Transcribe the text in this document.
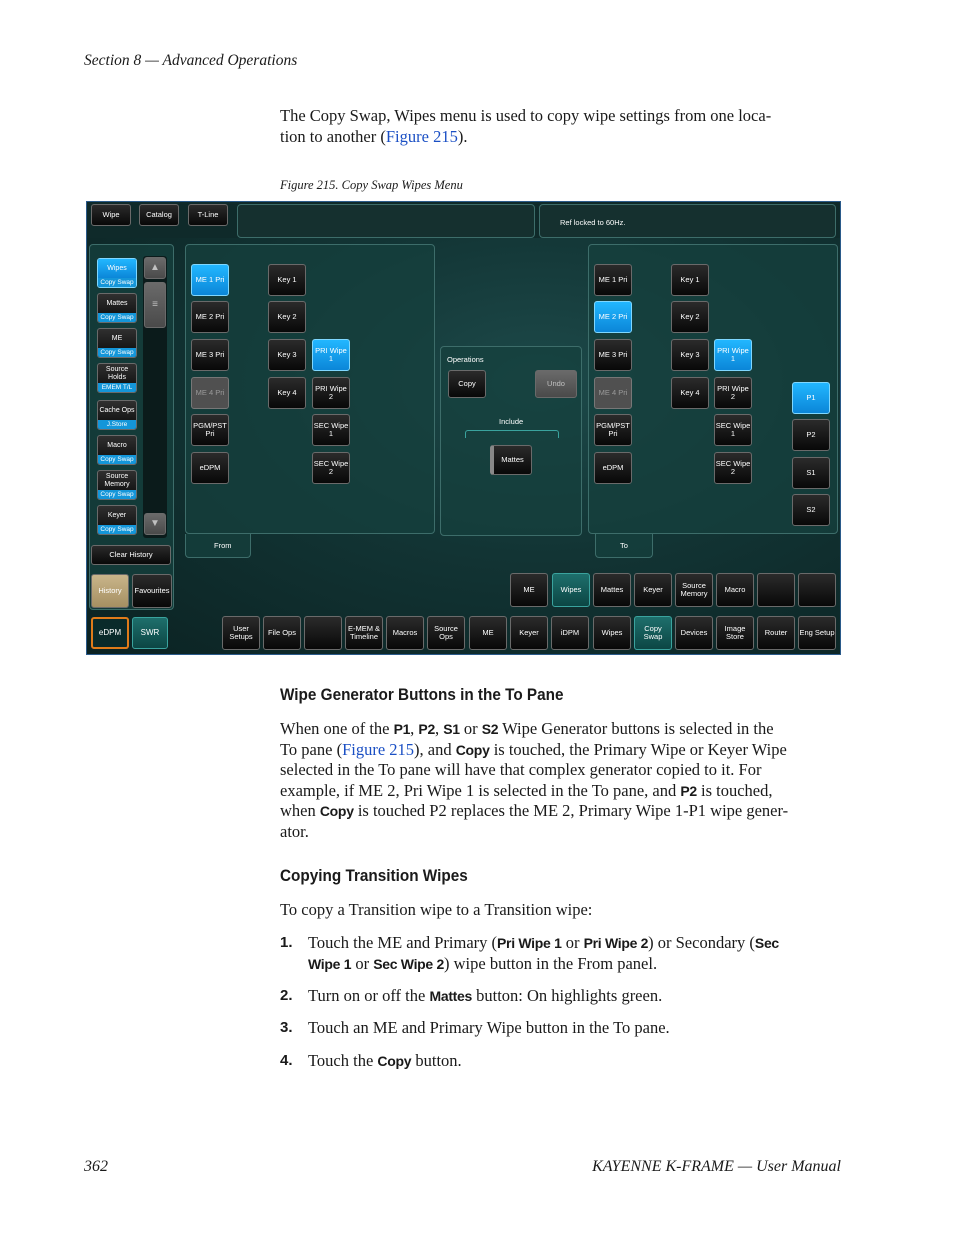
Section 8 — Advanced Operations
The Copy Swap, Wipes menu is used to copy wipe settings from one loca-
tion to another (Figure 215).
Figure 215. Copy Swap Wipes Menu
Wipe	Catalog	T-Line
Ref locked to 60Hz.
Wipes
Copy Swap
Mattes
Copy Swap
ME
Copy Swap
Source Holds
EMEM T/L
Cache Ops
J.Store
Macro
Copy Swap
Source Memory
Copy Swap
Keyer
Copy Swap
▲
≡
▼
Clear History
History Favourites
eDPM SWR
From
ME 1 Pri
ME 2 Pri
ME 3 Pri
ME 4 Pri
PGM/PST Pri
eDPM
Key 1
Key 2
Key 3
Key 4
PRI Wipe 1
PRI Wipe 2
SEC Wipe 1
SEC Wipe 2
Operations
Copy	Undo
Include
Mattes
To
ME 1 Pri
ME 2 Pri
ME 3 Pri
ME 4 Pri
PGM/PST Pri
eDPM
Key 1
Key 2
Key 3
Key 4
PRI Wipe 1
PRI Wipe 2
SEC Wipe 1
SEC Wipe 2
P1
P2
S1
S2
ME	Wipes	Mattes	Keyer	Source Memory	Macro
User Setups	File Ops	E-MEM & Timeline	Macros	Source Ops	ME	Keyer	iDPM	Wipes	Copy Swap	Devices	Image Store	Router Eng Setup
Wipe Generator Buttons in the To Pane
When one of the P1, P2, S1 or S2 Wipe Generator buttons is selected in the
To pane (Figure 215), and Copy is touched, the Primary Wipe or Keyer Wipe
selected in the To pane will have that complex generator copied to it. For
example, if ME 2, Pri Wipe 1 is selected in the To pane, and P2 is touched,
when Copy is touched P2 replaces the ME 2, Primary Wipe 1-P1 wipe gener-
ator.
Copying Transition Wipes
To copy a Transition wipe to a Transition wipe:
1. Touch the ME and Primary (Pri Wipe 1 or Pri Wipe 2) or Secondary (Sec
Wipe 1 or Sec Wipe 2) wipe button in the From panel.
2. Turn on or off the Mattes button: On highlights green.
3. Touch an ME and Primary Wipe button in the To pane.
4. Touch the Copy button.
362	KAYENNE K-FRAME — User Manual
